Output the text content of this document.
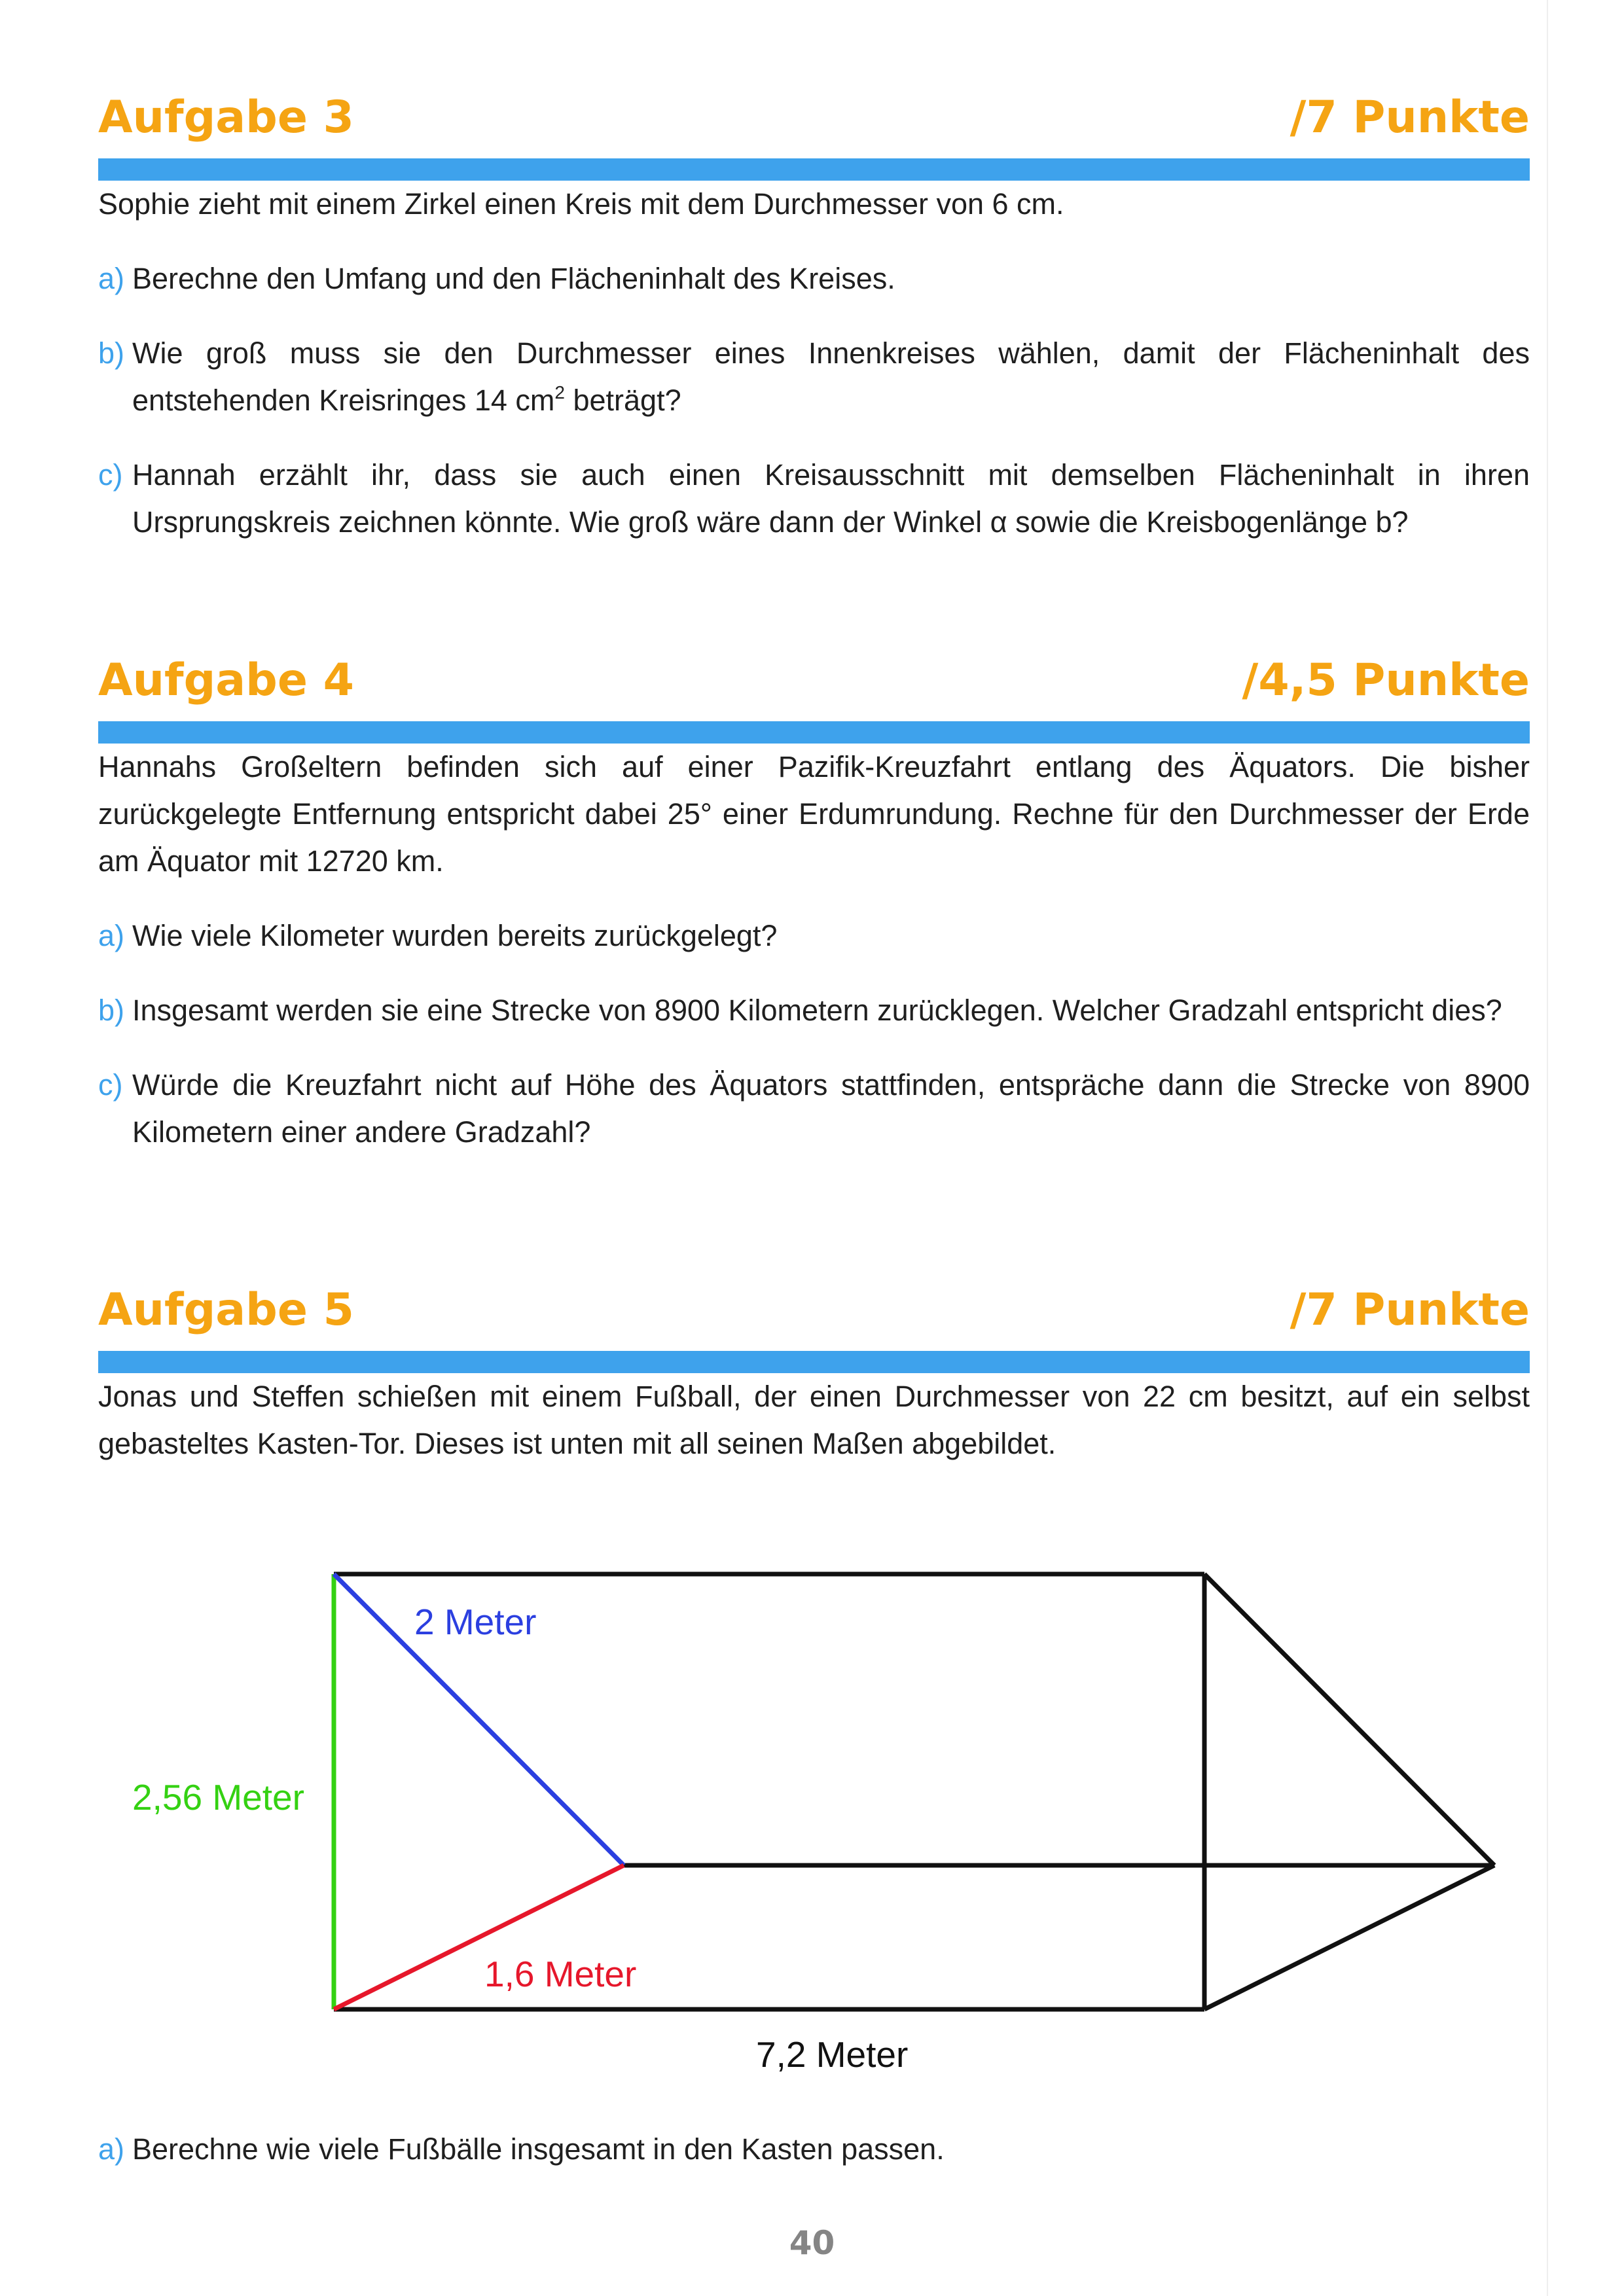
Aufgabe 3	/7 Punkte

Sophie zieht mit einem Zirkel einen Kreis mit dem Durchmesser von 6 cm.

a) Berechne den Umfang und den Flächeninhalt des Kreises.

b) Wie groß muss sie den Durchmesser eines Innenkreises wählen, damit der Flächeninhalt des entstehenden Kreisringes 14 $cm^2$ beträgt?

c) Hannah erzählt ihr, dass sie auch einen Kreisausschnitt mit demselben Flächeninhalt in ihren Ursprungskreis zeichnen könnte. Wie groß wäre dann der Winkel α sowie die Kreisbogenlänge b?

Aufgabe 4	/4,5 Punkte

Hannahs Großeltern befinden sich auf einer Pazifik-Kreuzfahrt entlang des Äquators. Die bisher zurückgelegte Entfernung entspricht dabei 25° einer Erdumrundung. Rechne für den Durchmesser der Erde am Äquator mit 12720 km.

a) Wie viele Kilometer wurden bereits zurückgelegt?

b) Insgesamt werden sie eine Strecke von 8900 Kilometern zurücklegen. Welcher Gradzahl entspricht dies?

c) Würde die Kreuzfahrt nicht auf Höhe des Äquators stattfinden, entspräche dann die Strecke von 8900 Kilometern einer andere Gradzahl?

Aufgabe 5	/7 Punkte

Jonas und Steffen schießen mit einem Fußball, der einen Durchmesser von 22 cm besitzt, auf ein selbst gebasteltes Kasten-Tor. Dieses ist unten mit all seinen Maßen abgebildet.

2 Meter
2,56 Meter
1,6 Meter
7,2 Meter
a) Berechne wie viele Fußbälle insgesamt in den Kasten passen.

40
